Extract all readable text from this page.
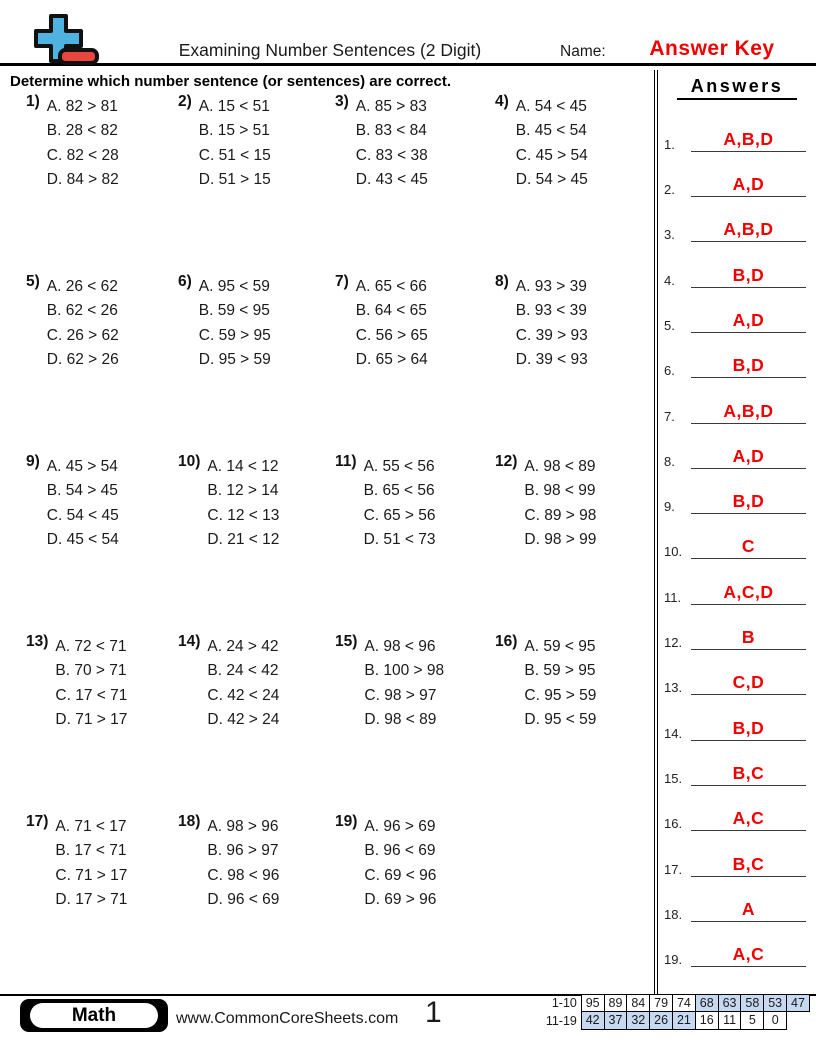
Examining Number Sentences (2 Digit)	Name:	Answer Key
Determine which number sentence (or sentences) are correct.
1) A. 82 > 81
B. 28 < 82
C. 82 < 28
D. 84 > 82
2) A. 15 < 51
B. 15 > 51
C. 51 < 15
D. 51 > 15
3) A. 85 > 83
B. 83 < 84
C. 83 < 38
D. 43 < 45
4) A. 54 < 45
B. 45 < 54
C. 45 > 54
D. 54 > 45
5) A. 26 < 62
B. 62 < 26
C. 26 > 62
D. 62 > 26
6) A. 95 < 59
B. 59 < 95
C. 59 > 95
D. 95 > 59
7) A. 65 < 66
B. 64 < 65
C. 56 > 65
D. 65 > 64
8) A. 93 > 39
B. 93 < 39
C. 39 > 93
D. 39 < 93
9) A. 45 > 54
B. 54 > 45
C. 54 < 45
D. 45 < 54
10) A. 14 < 12
B. 12 > 14
C. 12 < 13
D. 21 < 12
11) A. 55 < 56
B. 65 < 56
C. 65 > 56
D. 51 < 73
12) A. 98 < 89
B. 98 < 99
C. 89 > 98
D. 98 > 99
13) A. 72 < 71
B. 70 > 71
C. 17 < 71
D. 71 > 17
14) A. 24 > 42
B. 24 < 42
C. 42 < 24
D. 42 > 24
15) A. 98 < 96
B. 100 > 98
C. 98 > 97
D. 98 < 89
16) A. 59 < 95
B. 59 > 95
C. 95 > 59
D. 95 < 59
17) A. 71 < 17
B. 17 < 71
C. 71 > 17
D. 17 > 71
18) A. 98 > 96
B. 96 > 97
C. 98 < 96
D. 96 < 69
19) A. 96 > 69
B. 96 < 69
C. 69 < 96
D. 69 > 96
Answers
1.	A,B,D
2.	A,D
3.	A,B,D
4.	B,D
5.	A,D
6.	B,D
7.	A,B,D
8.	A,D
9.	B,D
10.	C
11.	A,C,D
12.	B
13.	C,D
14.	B,D
15.	B,C
16.	A,C
17.	B,C
18.	A
19.	A,C
Math	www.CommonCoreSheets.com 1	1-10 95 89 84 79 74 68 63 58 53 47
11-19 42 37 32 26 21 16 11	5	0
